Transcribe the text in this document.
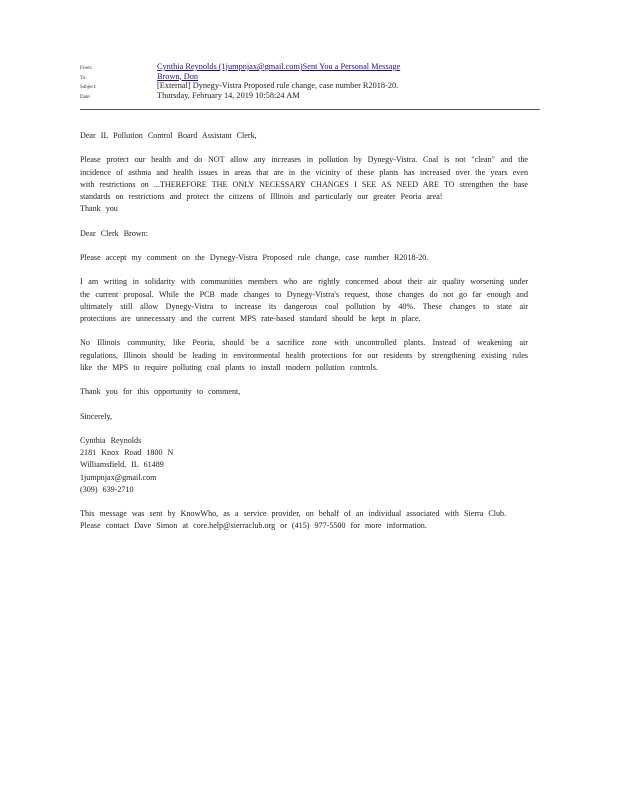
From:	Cynthia Reynolds (1jumpnjax@gmail.com)Sent You a Personal Message
To:	Brown, Don
Subject:	[External] Dynegy-Vistra Proposed rule change, case number R2018-20.
Date:	Thursday, February 14, 2019 10:58:24 AM

Dear IL Pollution Control Board Assistant Clerk,

Please protect our health and do NOT allow any increases in pollution by Dynegy-Vistra. Coal is not "clean" and the incidence of asthma and health issues in areas that are in the vicinity of these plants has increased over the years even with restrictions on ...THEREFORE THE ONLY NECESSARY CHANGES I SEE AS NEED ARE TO strengthen the base standards on restrictions and protect the citizens of Illinois and particularly our greater Peoria area!
Thank you

Dear Clerk Brown:

Please accept my comment on the Dynegy-Vistra Proposed rule change, case number R2018-20.

I am writing in solidarity with communities members who are rightly concerned about their air quality worsening under the current proposal. While the PCB made changes to Dynegy-Vistra's request, those changes do not go far enough and ultimately still allow Dynegy-Vistra to increase its dangerous coal pollution by 40%. These changes to state air protections are unnecessary and the current MPS rate-based standard should be kept in place.

No Illinois community, like Peoria, should be a sacrifice zone with uncontrolled plants. Instead of weakening air regulations, Illinois should be leading in environmental health protections for our residents by strengthening existing rules like the MPS to require polluting coal plants to install modern pollution controls.

Thank you for this opportunity to comment,

Sincerely,

Cynthia Reynolds
2181 Knox Road 1800 N
Williamsfield, IL 61489
1jumpnjax@gmail.com
(309) 639-2710
This message was sent by KnowWho, as a service provider, on behalf of an individual associated with Sierra Club.
Please contact Dave Simon at core.help@sierraclub.org or (415) 977-5500 for more information.
